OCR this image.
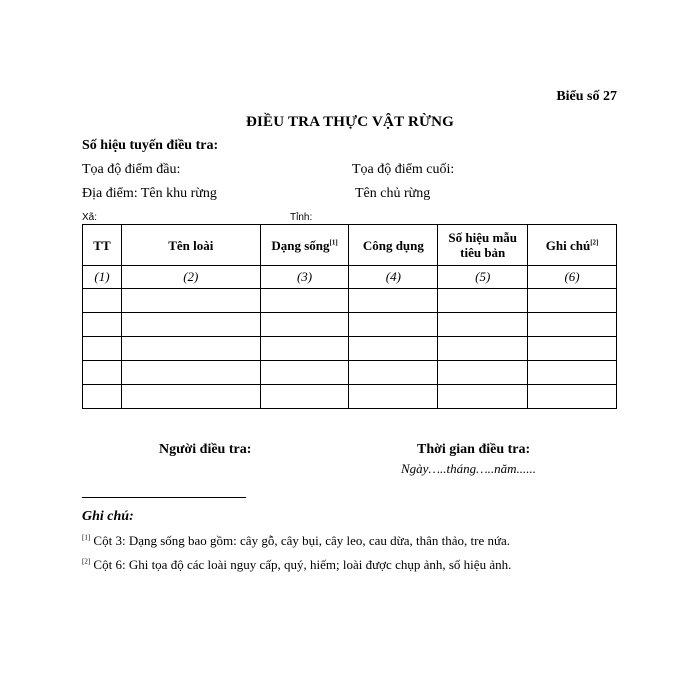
Biểu số 27
ĐIỀU TRA THỰC VẬT RỪNG
Số hiệu tuyến điều tra:
Tọa độ điểm đầu:	Tọa độ điểm cuối:
Địa điểm: Tên khu rừng	Tên chủ rừng
Xã:	Tỉnh:
TT	Tên loài	Dạng sống[1]	Công dụng	Số hiệu mẫu tiêu bản	Ghi chú[2]
(1)	(2)	(3)	(4)	(5)	(6)

Người điều tra:	Thời gian điều tra:
Ngày…..tháng…..năm......
Ghi chú:
[1] Cột 3: Dạng sống bao gồm: cây gỗ, cây bụi, cây leo, cau dừa, thân thảo, tre nứa.
[2] Cột 6: Ghi tọa độ các loài nguy cấp, quý, hiếm; loài được chụp ảnh, số hiệu ảnh.
